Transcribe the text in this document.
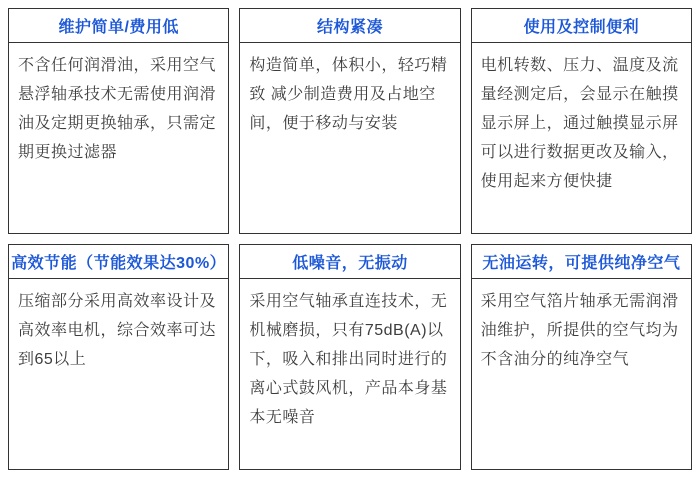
维护简单/费用低
不含任何润滑油，采用空气悬浮轴承技术无需使用润滑油及定期更换轴承，只需定期更换过滤器
结构紧凑
构造简单，体积小，轻巧精致 减少制造费用及占地空间，便于移动与安装
使用及控制便利
电机转数、压力、温度及流量经测定后，会显示在触摸显示屏上，通过触摸显示屏可以进行数据更改及输入，使用起来方便快捷
高效节能（节能效果达30%）
压缩部分采用高效率设计及高效率电机，综合效率可达到65以上
低噪音，无振动
采用空气轴承直连技术，无机械磨损，只有75dB(A)以下，吸入和排出同时进行的离心式鼓风机，产品本身基本无噪音
无油运转，可提供纯净空气
采用空气箔片轴承无需润滑油维护，所提供的空气均为不含油分的纯净空气
